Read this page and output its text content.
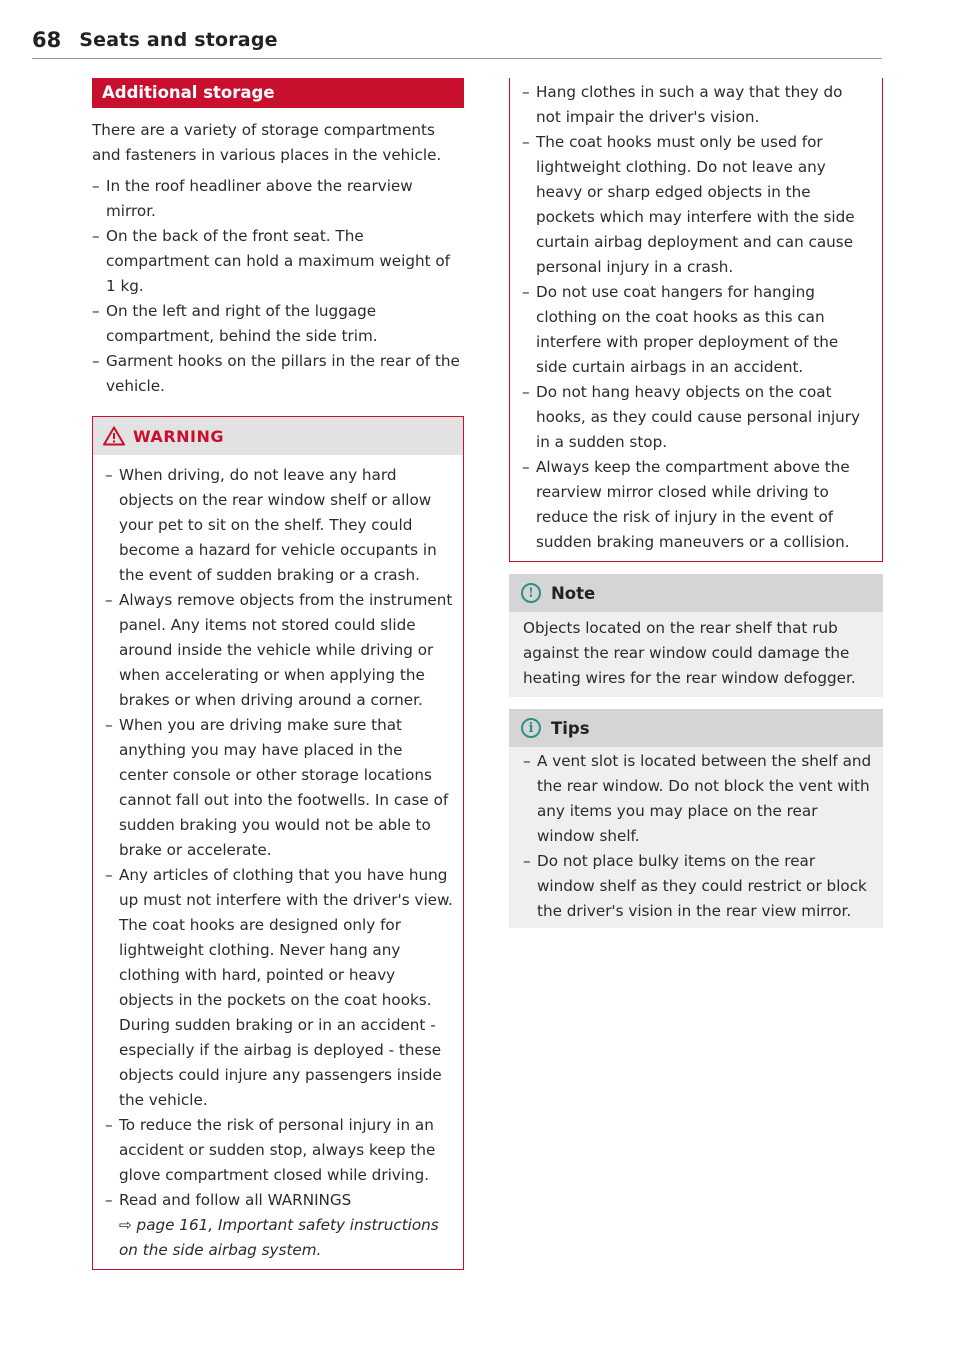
68 Seats and storage
Additional storage

There are a variety of storage compartments and fasteners in various places in the vehicle.

– In the roof headliner above the rearview mirror.
– On the back of the front seat. The compartment can hold a maximum weight of 1 kg.
– On the left and right of the luggage compartment, behind the side trim.
– Garment hooks on the pillars in the rear of the vehicle.
WARNING
– When driving, do not leave any hard objects on the rear window shelf or allow your pet to sit on the shelf. They could become a hazard for vehicle occupants in the event of sudden braking or a crash.
– Always remove objects from the instrument panel. Any items not stored could slide around inside the vehicle while driving or when accelerating or when applying the brakes or when driving around a corner.
– When you are driving make sure that anything you may have placed in the center console or other storage locations cannot fall out into the footwells. In case of sudden braking you would not be able to brake or accelerate.
– Any articles of clothing that you have hung up must not interfere with the driver's view. The coat hooks are designed only for lightweight clothing. Never hang any clothing with hard, pointed or heavy objects in the pockets on the coat hooks. During sudden braking or in an accident - especially if the airbag is deployed - these objects could injure any passengers inside the vehicle.
– To reduce the risk of personal injury in an accident or sudden stop, always keep the glove compartment closed while driving.
– Read and follow all WARNINGS
⇨ page 161, Important safety instructions on the side airbag system.
– Hang clothes in such a way that they do not impair the driver's vision.
– The coat hooks must only be used for lightweight clothing. Do not leave any heavy or sharp edged objects in the pockets which may interfere with the side curtain airbag deployment and can cause personal injury in a crash.
– Do not use coat hangers for hanging clothing on the coat hooks as this can interfere with proper deployment of the side curtain airbags in an accident.
– Do not hang heavy objects on the coat hooks, as they could cause personal injury in a sudden stop.
– Always keep the compartment above the rearview mirror closed while driving to reduce the risk of injury in the event of sudden braking maneuvers or a collision.
!	Note
Objects located on the rear shelf that rub against the rear window could damage the heating wires for the rear window defogger.
i	Tips
– A vent slot is located between the shelf and the rear window. Do not block the vent with any items you may place on the rear window shelf.
– Do not place bulky items on the rear window shelf as they could restrict or block the driver's vision in the rear view mirror.
